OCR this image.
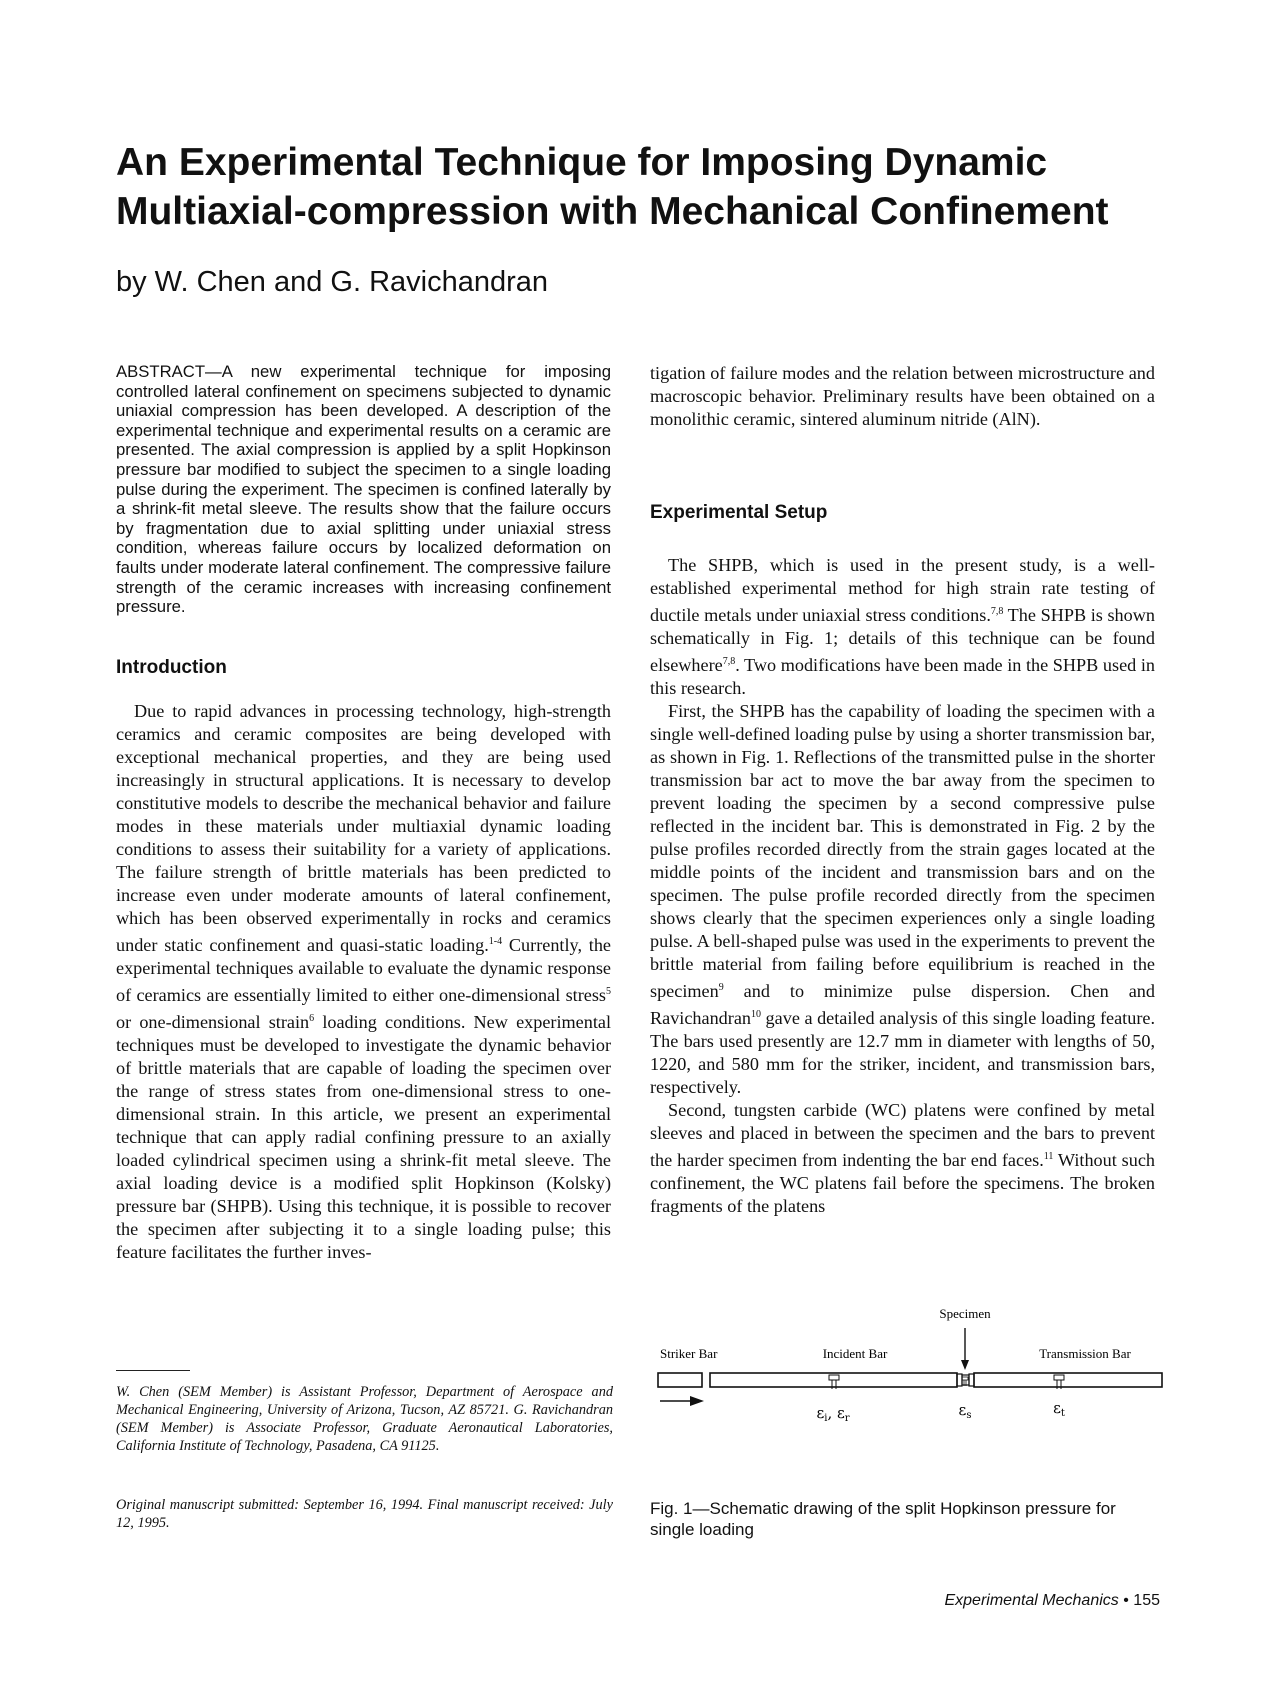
An Experimental Technique for Imposing Dynamic
Multiaxial-compression with Mechanical Confinement
by W. Chen and G. Ravichandran

ABSTRACT—A new experimental technique for imposing controlled lateral confinement on specimens subjected to dynamic uniaxial compression has been developed. A description of the experimental technique and experimental results on a ceramic are presented. The axial compression is applied by a split Hopkinson pressure bar modified to subject the specimen to a single loading pulse during the experiment. The specimen is confined laterally by a shrink-fit metal sleeve. The results show that the failure occurs by fragmentation due to axial splitting under uniaxial stress condition, whereas failure occurs by localized deformation on faults under moderate lateral confinement. The compressive failure strength of the ceramic increases with increasing confinement pressure.

Introduction

Due to rapid advances in processing technology, high-strength ceramics and ceramic composites are being developed with exceptional mechanical properties, and they are being used increasingly in structural applications. It is necessary to develop constitutive models to describe the mechanical behavior and failure modes in these materials under multiaxial dynamic loading conditions to assess their suitability for a variety of applications. The failure strength of brittle materials has been predicted to increase even under moderate amounts of lateral confinement, which has been observed experimentally in rocks and ceramics under static confinement and quasi-static loading.$^{1-4}$ Currently, the experimental techniques available to evaluate the dynamic response of ceramics are essentially limited to either one-dimensional stress$^5$ or one-dimensional strain$^6$ loading conditions. New experimental techniques must be developed to investigate the dynamic behavior of brittle materials that are capable of loading the specimen over the range of stress states from one-dimensional stress to one-dimensional strain. In this article, we present an experimental technique that can apply radial confining pressure to an axially loaded cylindrical specimen using a shrink-fit metal sleeve. The axial loading device is a modified split Hopkinson (Kolsky) pressure bar (SHPB). Using this technique, it is possible to recover the specimen after subjecting it to a single loading pulse; this feature facilitates the further inves-

W. Chen (SEM Member) is Assistant Professor, Department of Aerospace and Mechanical Engineering, University of Arizona, Tucson, AZ 85721. G. Ravichandran (SEM Member) is Associate Professor, Graduate Aeronautical Laboratories, California Institute of Technology, Pasadena, CA 91125.

Original manuscript submitted: September 16, 1994. Final manuscript received: July 12, 1995.

tigation of failure modes and the relation between microstructure and macroscopic behavior. Preliminary results have been obtained on a monolithic ceramic, sintered aluminum nitride (AlN).

Experimental Setup

The SHPB, which is used in the present study, is a well-established experimental method for high strain rate testing of ductile metals under uniaxial stress conditions.$^{7,8}$ The SHPB is shown schematically in Fig. 1; details of this technique can be found elsewhere$^{7,8}$. Two modifications have been made in the SHPB used in this research.

First, the SHPB has the capability of loading the specimen with a single well-defined loading pulse by using a shorter transmission bar, as shown in Fig. 1. Reflections of the transmitted pulse in the shorter transmission bar act to move the bar away from the specimen to prevent loading the specimen by a second compressive pulse reflected in the incident bar. This is demonstrated in Fig. 2 by the pulse profiles recorded directly from the strain gages located at the middle points of the incident and transmission bars and on the specimen. The pulse profile recorded directly from the specimen shows clearly that the specimen experiences only a single loading pulse. A bell-shaped pulse was used in the experiments to prevent the brittle material from failing before equilibrium is reached in the specimen$^9$ and to minimize pulse dispersion. Chen and Ravichandran$^{10}$ gave a detailed analysis of this single loading feature. The bars used presently are 12.7 mm in diameter with lengths of 50, 1220, and 580 mm for the striker, incident, and transmission bars, respectively.

Second, tungsten carbide (WC) platens were confined by metal sleeves and placed in between the specimen and the bars to prevent the harder specimen from indenting the bar end faces.$^{11}$ Without such confinement, the WC platens fail before the specimens. The broken fragments of the platens

Specimen
Striker Bar	Incident Bar	Transmission Bar
$\varepsilon_i$, $\varepsilon_r$	$\varepsilon_s$	$\varepsilon_t$

Fig. 1—Schematic drawing of the split Hopkinson pressure for single loading

Experimental Mechanics • 155
